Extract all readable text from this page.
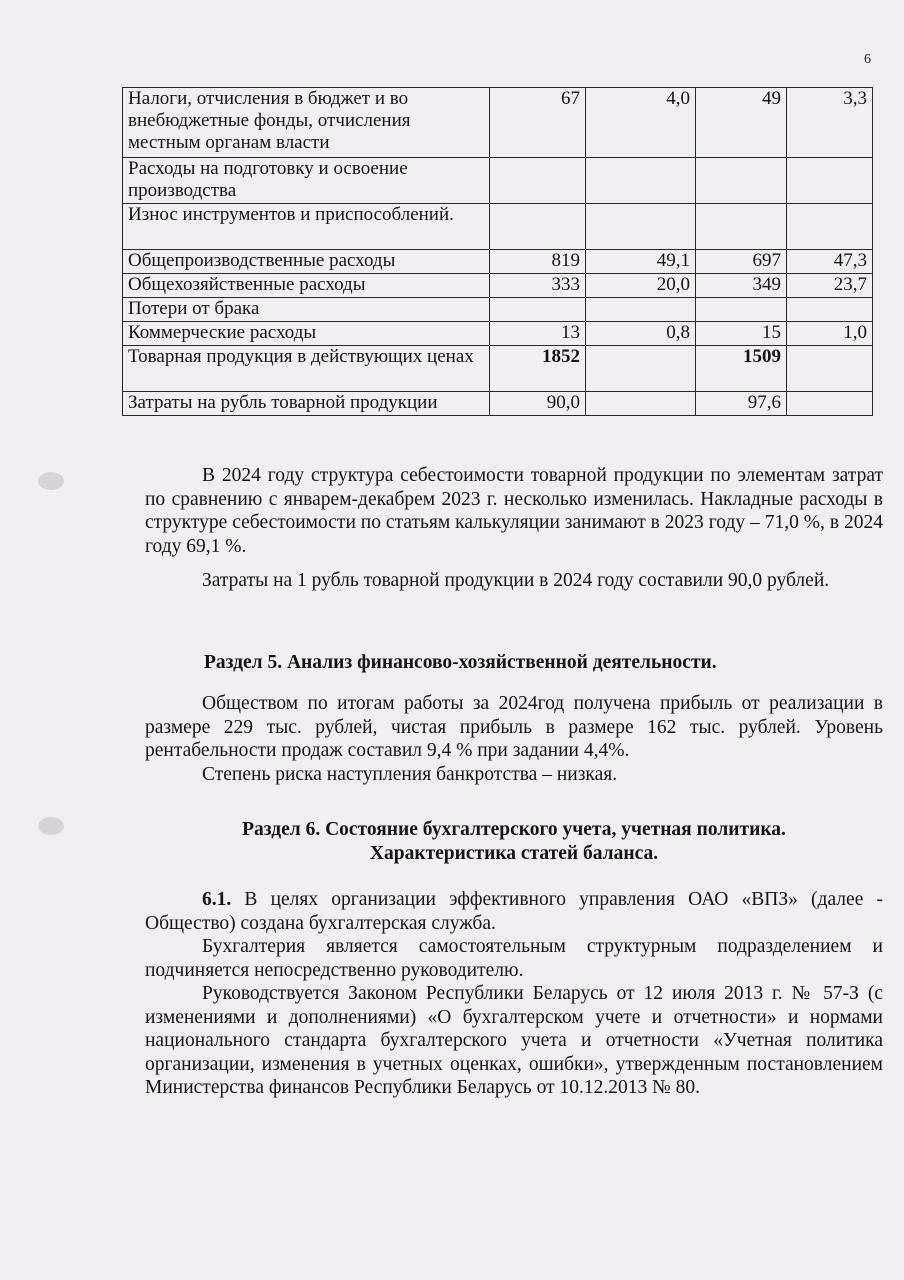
6
Налоги, отчисления в бюджет и во внебюджетные фонды, отчисления местным органам власти	67	4,0	49	3,3
Расходы на подготовку и освоение производства				
Износ инструментов и приспособлений.				
Общепроизводственные расходы	819	49,1	697	47,3
Общехозяйственные расходы	333	20,0	349	23,7
Потери от брака				
Коммерческие расходы	13	0,8	15	1,0
Товарная продукция в действующих ценах	1852		1509	
Затраты на рубль товарной продукции	90,0		97,6	

В 2024 году структура себестоимости товарной продукции по элементам затрат по сравнению с январем-декабрем 2023 г. несколько изменилась. Накладные расходы в структуре себестоимости по статьям калькуляции занимают в 2023 году – 71,0 %, в 2024 году 69,1 %.

Затраты на 1 рубль товарной продукции в 2024 году составили 90,0 рублей.

Раздел 5. Анализ финансово-хозяйственной деятельности.

Обществом по итогам работы за 2024год получена прибыль от реализации в размере 229 тыс. рублей, чистая прибыль в размере 162 тыс. рублей. Уровень рентабельности продаж составил 9,4 % при задании 4,4%.

Степень риска наступления банкротства – низкая.

Раздел 6. Состояние бухгалтерского учета, учетная политика.

Характеристика статей баланса.

6.1. В целях организации эффективного управления ОАО «ВПЗ» (далее - Общество) создана бухгалтерская служба.

Бухгалтерия является самостоятельным структурным подразделением и подчиняется непосредственно руководителю.

Руководствуется Законом Республики Беларусь от 12 июля 2013 г. № 57-З (с изменениями и дополнениями) «О бухгалтерском учете и отчетности» и нормами национального стандарта бухгалтерского учета и отчетности «Учетная политика организации, изменения в учетных оценках, ошибки», утвержденным постановлением Министерства финансов Республики Беларусь от 10.12.2013 № 80.
